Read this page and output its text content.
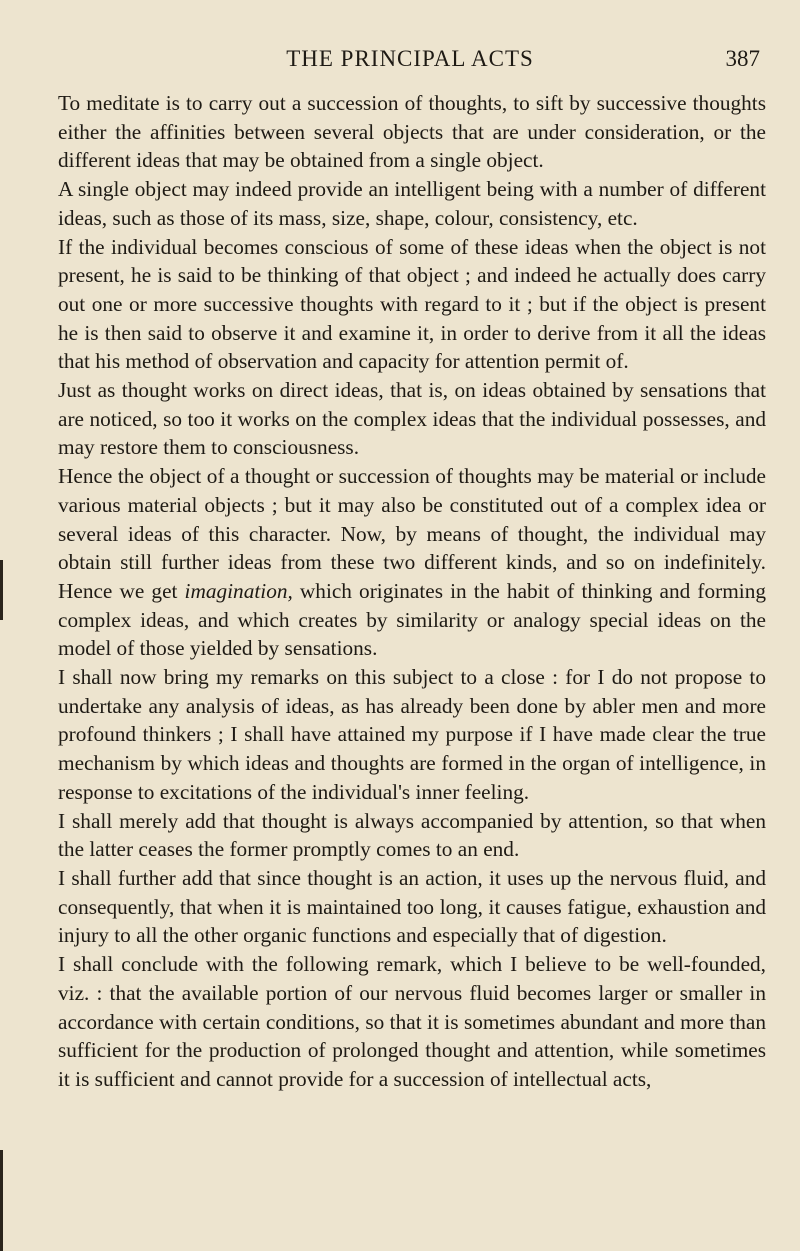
THE PRINCIPAL ACTS	387

To meditate is to carry out a succession of thoughts, to sift by successive thoughts either the affinities between several objects that are under consideration, or the different ideas that may be obtained from a single object.

A single object may indeed provide an intelligent being with a number of different ideas, such as those of its mass, size, shape, colour, consistency, etc.

If the individual becomes conscious of some of these ideas when the object is not present, he is said to be thinking of that object ; and indeed he actually does carry out one or more successive thoughts with regard to it ; but if the object is present he is then said to observe it and examine it, in order to derive from it all the ideas that his method of observation and capacity for attention permit of.

Just as thought works on direct ideas, that is, on ideas obtained by sensations that are noticed, so too it works on the complex ideas that the individual possesses, and may restore them to consciousness.

Hence the object of a thought or succession of thoughts may be material or include various material objects ; but it may also be constituted out of a complex idea or several ideas of this character. Now, by means of thought, the individual may obtain still further ideas from these two different kinds, and so on indefinitely. Hence we get imagination, which originates in the habit of thinking and forming complex ideas, and which creates by similarity or analogy special ideas on the model of those yielded by sensations.

I shall now bring my remarks on this subject to a close : for I do not propose to undertake any analysis of ideas, as has already been done by abler men and more profound thinkers ; I shall have attained my purpose if I have made clear the true mechanism by which ideas and thoughts are formed in the organ of intelligence, in response to excitations of the individual's inner feeling.

I shall merely add that thought is always accompanied by attention, so that when the latter ceases the former promptly comes to an end.

I shall further add that since thought is an action, it uses up the nervous fluid, and consequently, that when it is maintained too long, it causes fatigue, exhaustion and injury to all the other organic functions and especially that of digestion.

I shall conclude with the following remark, which I believe to be well-founded, viz. : that the available portion of our nervous fluid becomes larger or smaller in accordance with certain conditions, so that it is sometimes abundant and more than sufficient for the production of prolonged thought and attention, while sometimes it is sufficient and cannot provide for a succession of intellectual acts,
